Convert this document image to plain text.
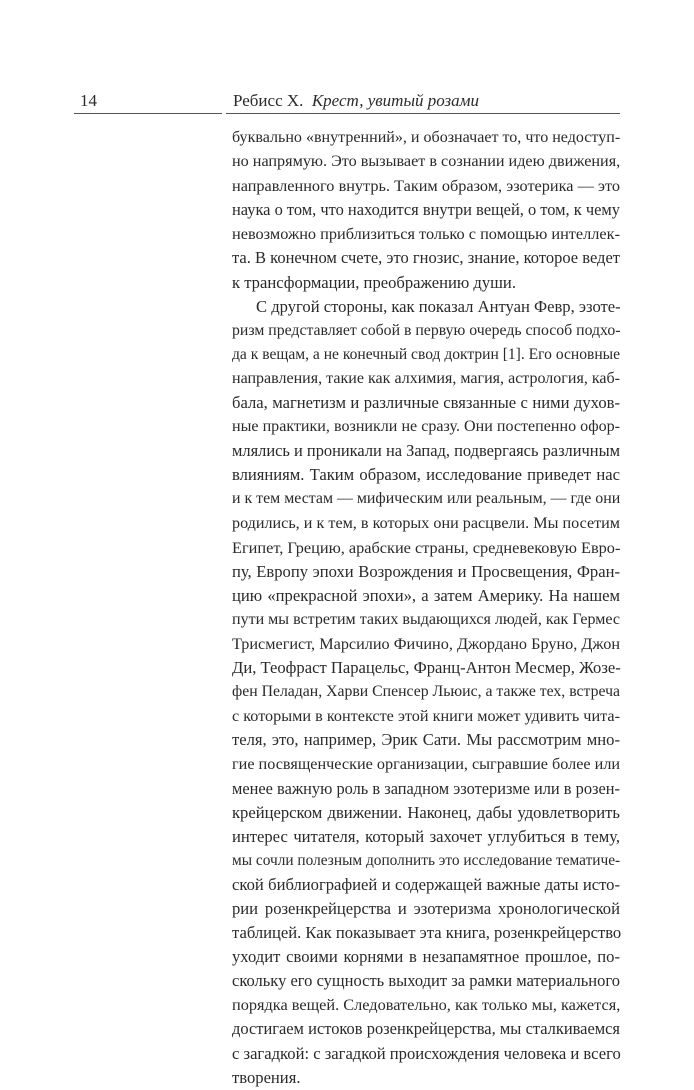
14	Ребисс Х. Крест, увитый розами
буквально «внутренний», и обозначает то, что недоступ-
но напрямую. Это вызывает в сознании идею движения,
направленного внутрь. Таким образом, эзотерика — это
наука о том, что находится внутри вещей, о том, к чему
невозможно приблизиться только с помощью интеллек-
та. В конечном счете, это гнозис, знание, которое ведет
к трансформации, преображению души.
С другой стороны, как показал Антуан Февр, эзоте-
ризм представляет собой в первую очередь способ подхо-
да к вещам, а не конечный свод доктрин [1]. Его основные
направления, такие как алхимия, магия, астрология, каб-
бала, магнетизм и различные связанные с ними духов-
ные практики, возникли не сразу. Они постепенно офор-
млялись и проникали на Запад, подвергаясь различным
влияниям. Таким образом, исследование приведет нас
и к тем местам — мифическим или реальным, — где они
родились, и к тем, в которых они расцвели. Мы посетим
Египет, Грецию, арабские страны, средневековую Евро-
пу, Европу эпохи Возрождения и Просвещения, Фран-
цию «прекрасной эпохи», а затем Америку. На нашем
пути мы встретим таких выдающихся людей, как Гермес
Трисмегист, Марсилио Фичино, Джордано Бруно, Джон
Ди, Теофраст Парацельс, Франц-Антон Месмер, Жозе-
фен Пеладан, Харви Спенсер Льюис, а также тех, встреча
с которыми в контексте этой книги может удивить чита-
теля, это, например, Эрик Сати. Мы рассмотрим мно-
гие посвященческие организации, сыгравшие более или
менее важную роль в западном эзотеризме или в розен-
крейцерском движении. Наконец, дабы удовлетворить
интерес читателя, который захочет углубиться в тему,
мы сочли полезным дополнить это исследование тематиче-
ской библиографией и содержащей важные даты исто-
рии розенкрейцерства и эзотеризма хронологической
таблицей. Как показывает эта книга, розенкрейцерство
уходит своими корнями в незапамятное прошлое, по-
скольку его сущность выходит за рамки материального
порядка вещей. Следовательно, как только мы, кажется,
достигаем истоков розенкрейцерства, мы сталкиваемся
с загадкой: с загадкой происхождения человека и всего
творения.
